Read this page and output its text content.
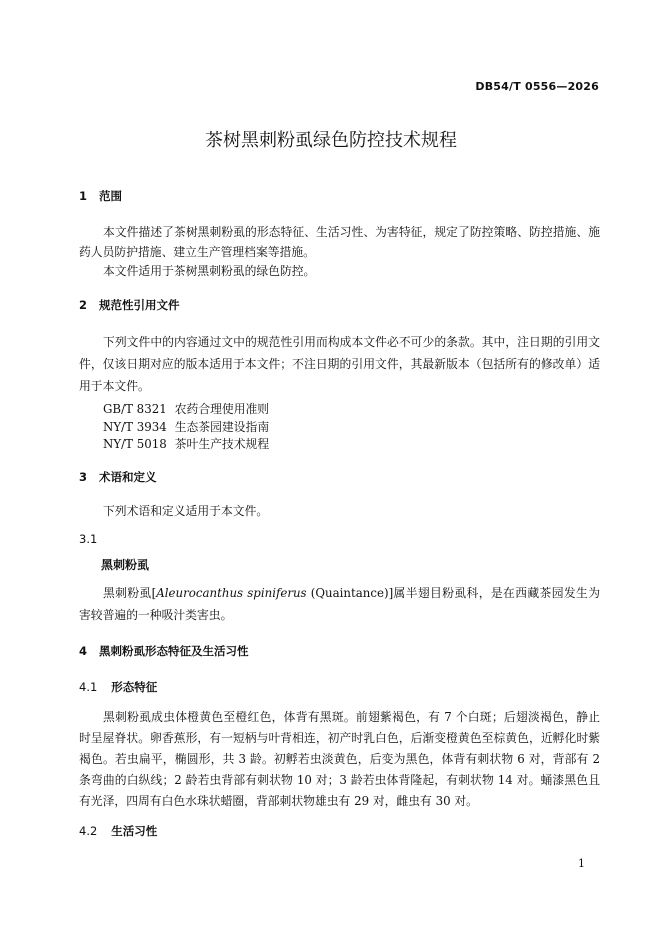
DB54/T 0556—2026
茶树黑刺粉虱绿色防控技术规程
1 范围

本文件描述了茶树黑刺粉虱的形态特征、生活习性、为害特征，规定了防控策略、防控措施、施药人员防护措施、建立生产管理档案等措施。

本文件适用于茶树黑刺粉虱的绿色防控。

2 规范性引用文件

下列文件中的内容通过文中的规范性引用而构成本文件必不可少的条款。其中，注日期的引用文件，仅该日期对应的版本适用于本文件；不注日期的引用文件，其最新版本（包括所有的修改单）适用于本文件。

GB/T 8321 农药合理使用准则
NY/T 3934 生态茶园建设指南
NY/T 5018 茶叶生产技术规程
3 术语和定义

下列术语和定义适用于本文件。

3.1
黑刺粉虱

黑刺粉虱[Aleurocanthus spiniferus (Quaintance)]属半翅目粉虱科，是在西藏茶园发生为害较普遍的一种吸汁类害虫。

4 黑刺粉虱形态特征及生活习性
4.1 形态特征

黑刺粉虱成虫体橙黄色至橙红色，体背有黑斑。前翅紫褐色，有 7 个白斑；后翅淡褐色，静止时呈屋脊状。卵香蕉形，有一短柄与叶背相连，初产时乳白色，后渐变橙黄色至棕黄色，近孵化时紫褐色。若虫扁平，椭圆形，共 3 龄。初孵若虫淡黄色，后变为黑色，体背有刺状物 6 对，背部有 2 条弯曲的白纵线；2 龄若虫背部有刺状物 10 对；3 龄若虫体背隆起，有刺状物 14 对。蛹漆黑色且有光泽，四周有白色水珠状蜡圈，背部刺状物雄虫有 29 对，雌虫有 30 对。

4.2 生活习性
1
